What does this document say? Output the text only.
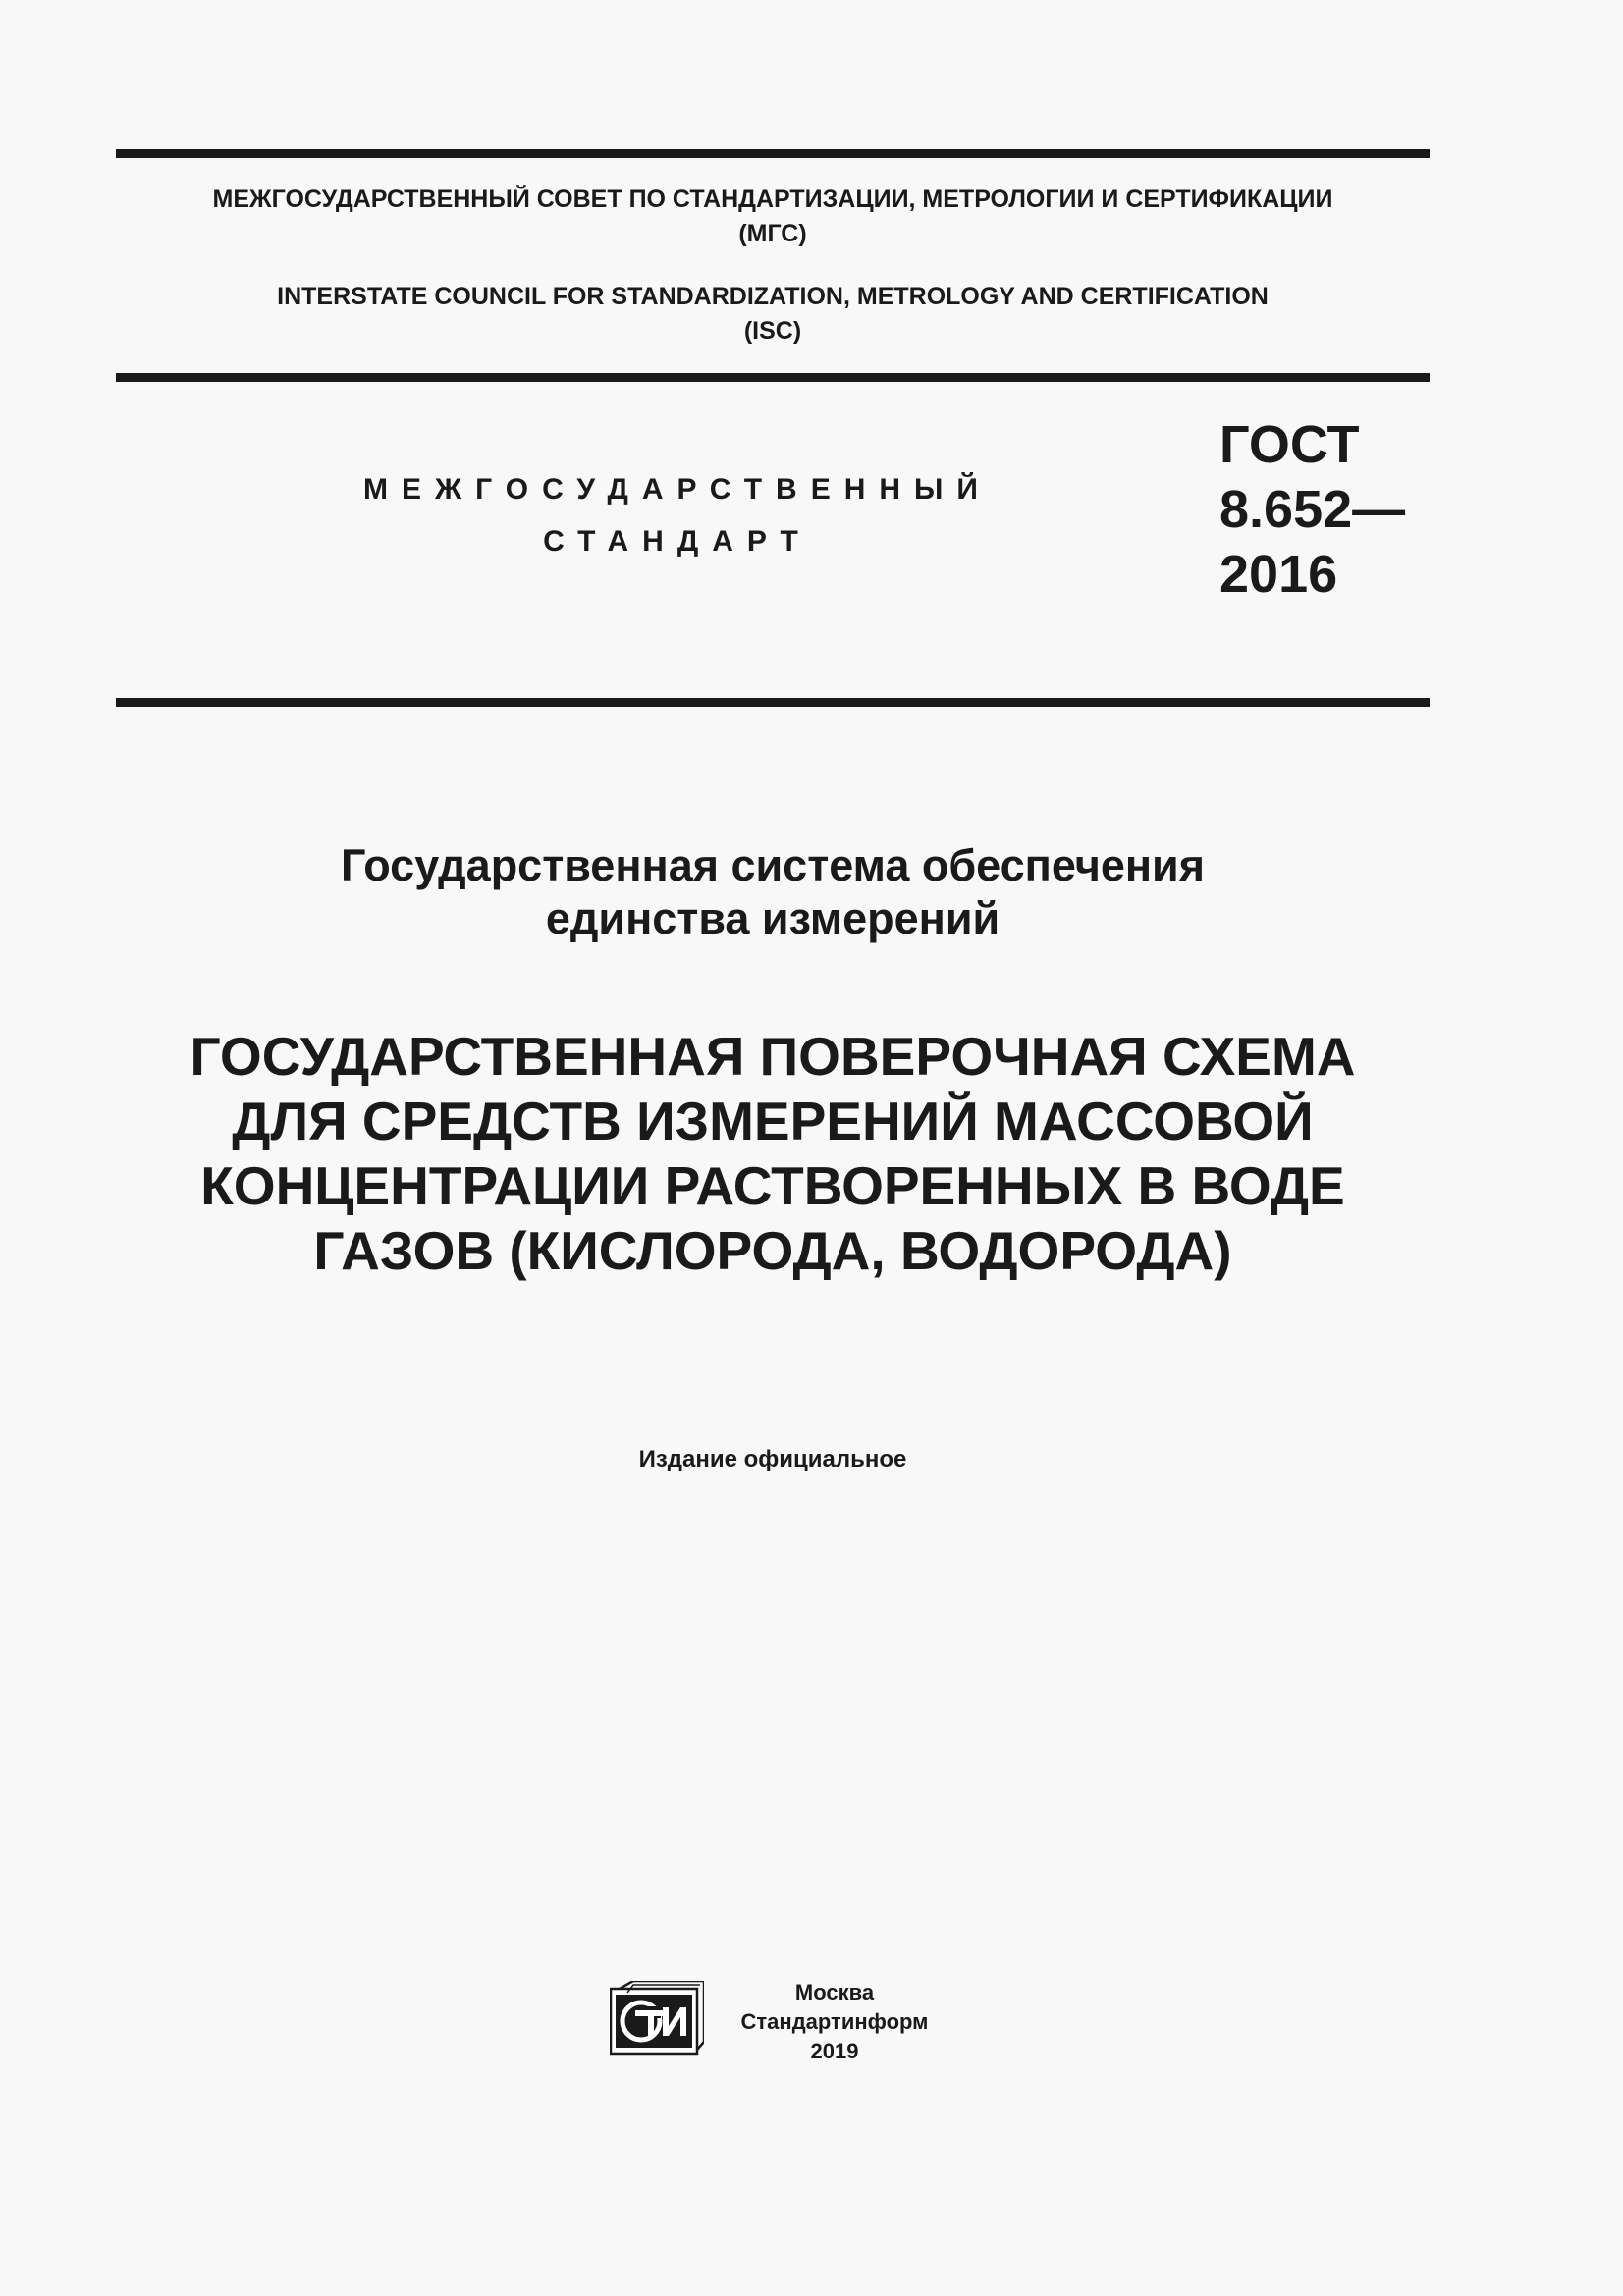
МЕЖГОСУДАРСТВЕННЫЙ СОВЕТ ПО СТАНДАРТИЗАЦИИ, МЕТРОЛОГИИ И СЕРТИФИКАЦИИ
(МГС)
INTERSTATE COUNCIL FOR STANDARDIZATION, METROLOGY AND CERTIFICATION
(ISC)
МЕЖГОСУДАРСТВЕННЫЙ
СТАНДАРТ
ГОСТ
8.652—
2016
Государственная система обеспечения
единства измерений
ГОСУДАРСТВЕННАЯ ПОВЕРОЧНАЯ СХЕМА
ДЛЯ СРЕДСТВ ИЗМЕРЕНИЙ МАССОВОЙ
КОНЦЕНТРАЦИИ РАСТВОРЕННЫХ В ВОДЕ
ГАЗОВ (КИСЛОРОДА, ВОДОРОДА)
Издание официальное
Москва
Стандартинформ
2019
